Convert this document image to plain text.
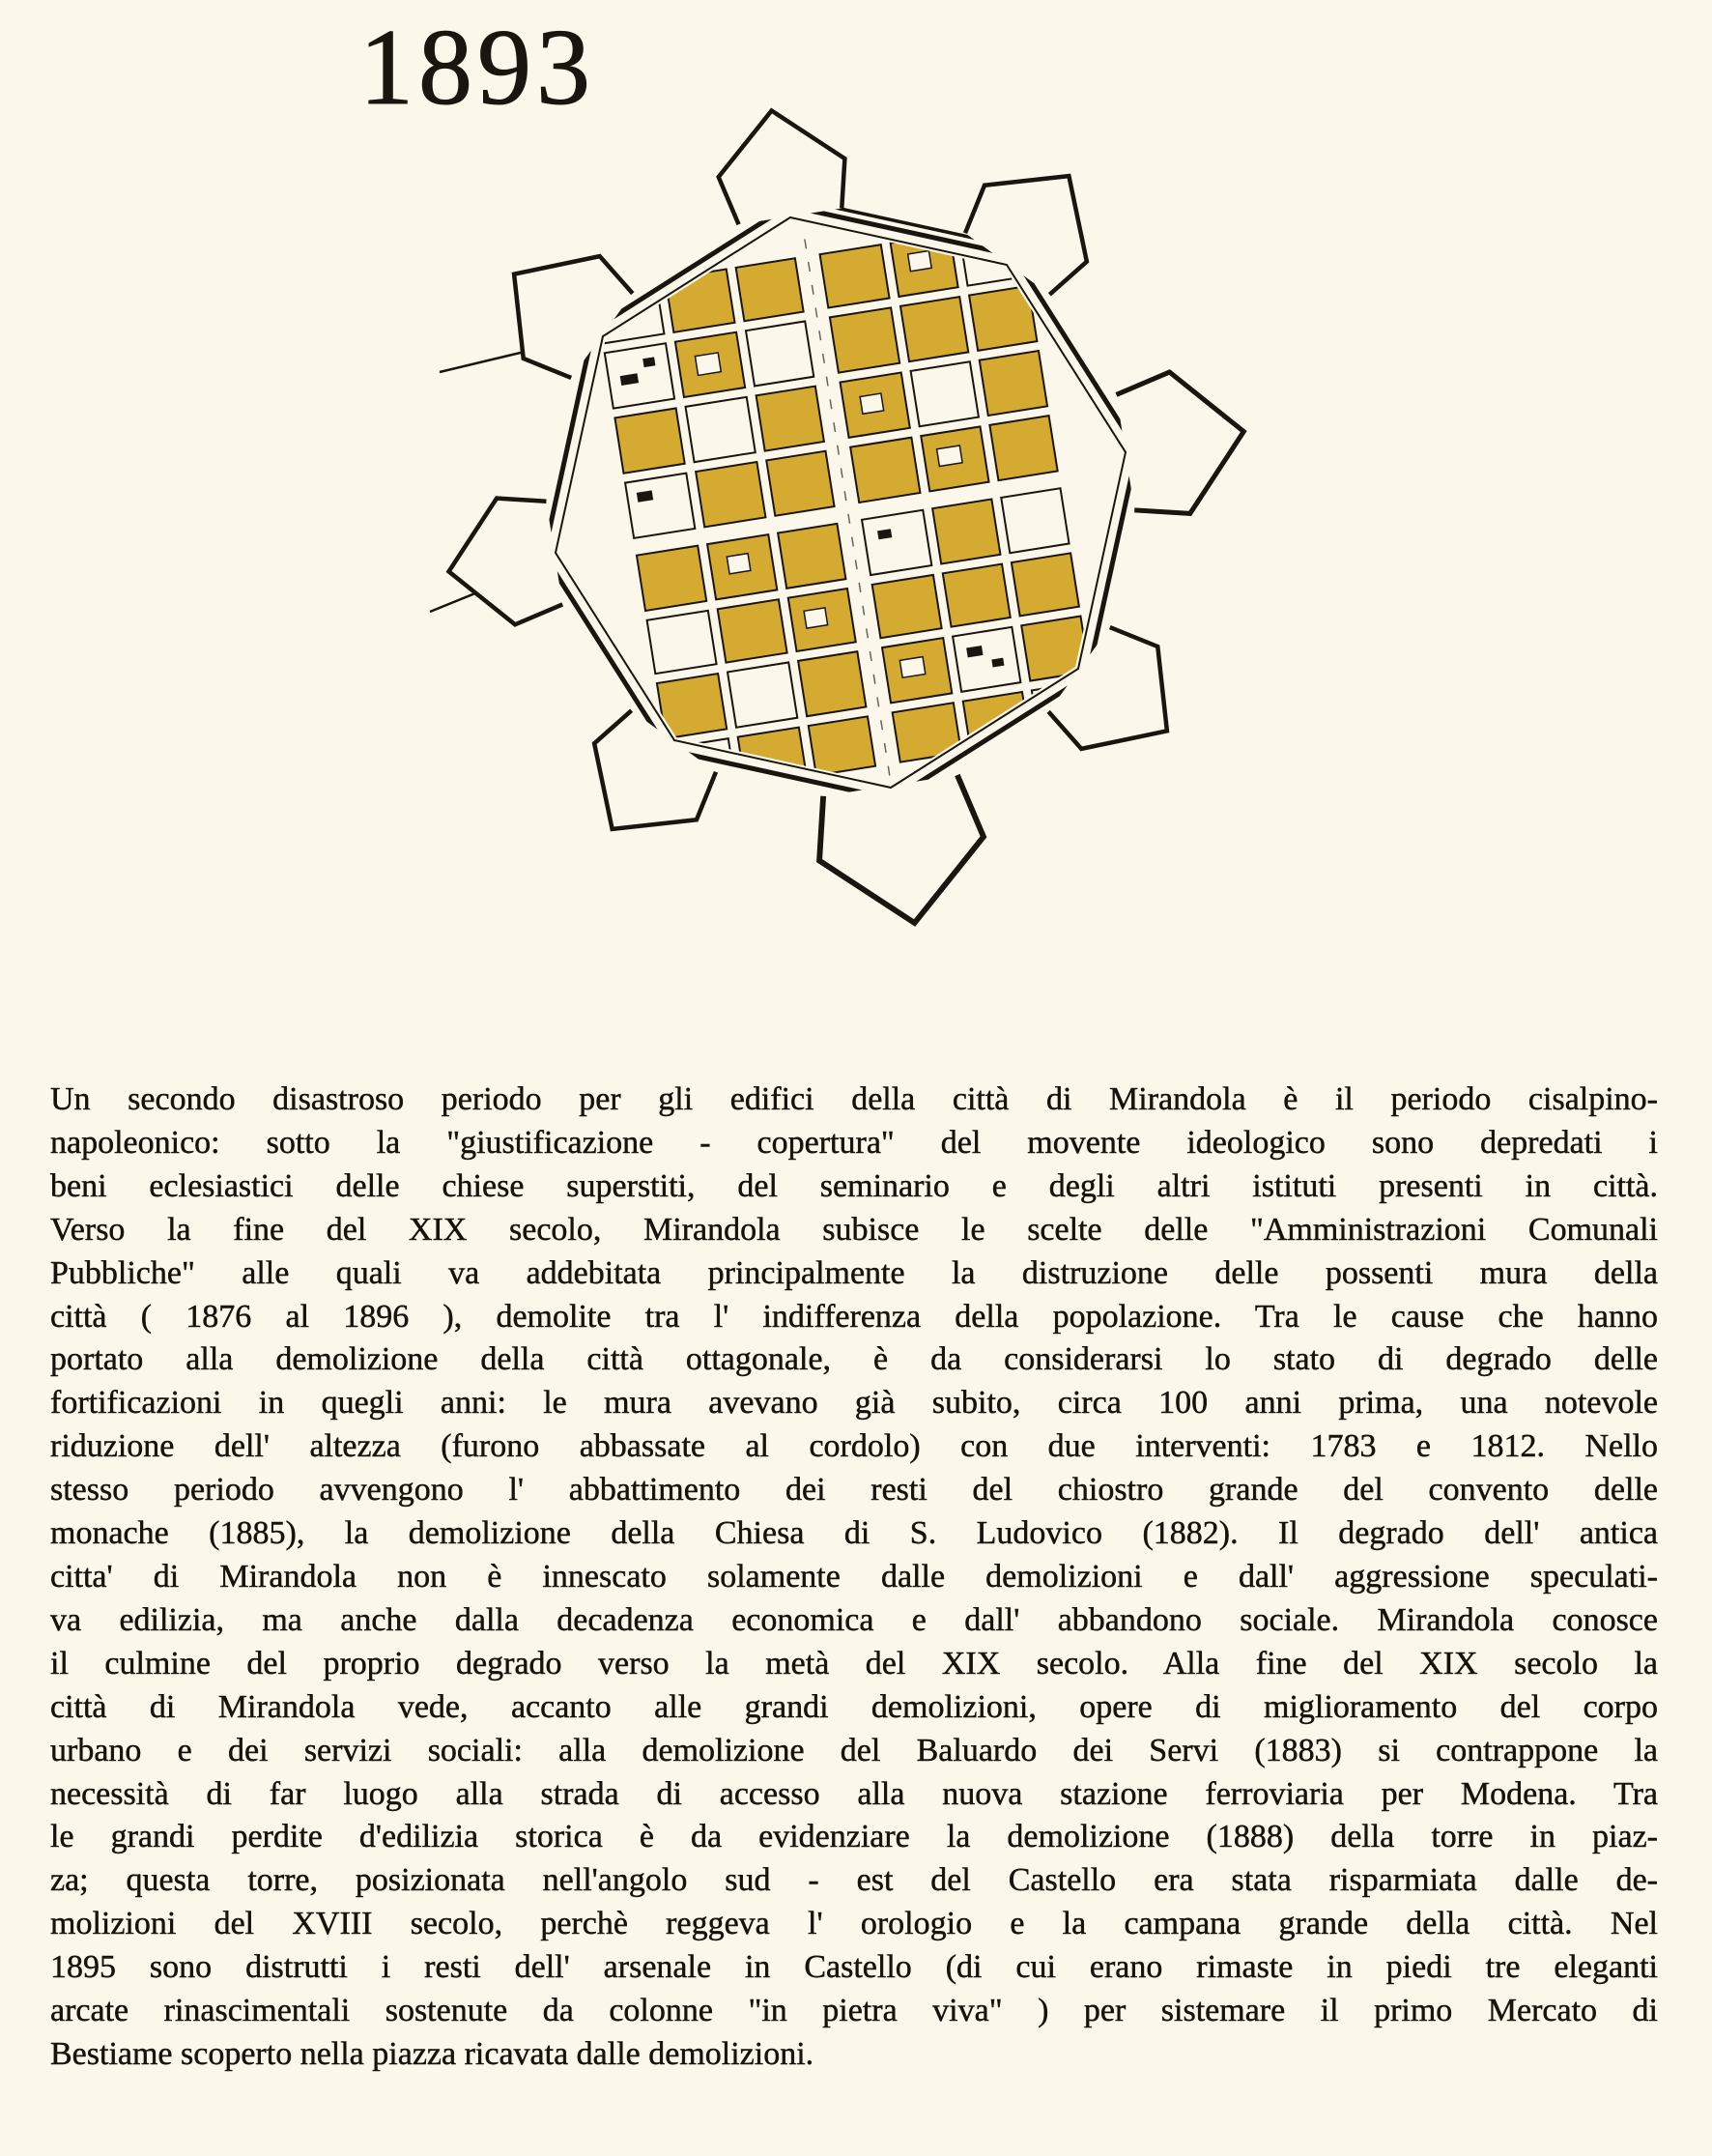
1893
Un secondo disastroso periodo per gli edifici della città di Mirandola è il periodo cisalpino-
napoleonico: sotto la "giustificazione - copertura" del movente ideologico sono depredati i
beni eclesiastici delle chiese superstiti, del seminario e degli altri istituti presenti in città.
Verso la fine del XIX secolo, Mirandola subisce le scelte delle "Amministrazioni Comunali
Pubbliche" alle quali va addebitata principalmente la distruzione delle possenti mura della
città ( 1876 al 1896 ), demolite tra l' indifferenza della popolazione. Tra le cause che hanno
portato alla demolizione della città ottagonale, è da considerarsi lo stato di degrado delle
fortificazioni in quegli anni: le mura avevano già subito, circa 100 anni prima, una notevole
riduzione dell' altezza (furono abbassate al cordolo) con due interventi: 1783 e 1812. Nello
stesso periodo avvengono l' abbattimento dei resti del chiostro grande del convento delle
monache (1885), la demolizione della Chiesa di S. Ludovico (1882). Il degrado dell' antica
citta' di Mirandola non è innescato solamente dalle demolizioni e dall' aggressione speculati-
va edilizia, ma anche dalla decadenza economica e dall' abbandono sociale. Mirandola conosce
il culmine del proprio degrado verso la metà del XIX secolo. Alla fine del XIX secolo la
città di Mirandola vede, accanto alle grandi demolizioni, opere di miglioramento del corpo
urbano e dei servizi sociali: alla demolizione del Baluardo dei Servi (1883) si contrappone la
necessità di far luogo alla strada di accesso alla nuova stazione ferroviaria per Modena. Tra
le grandi perdite d'edilizia storica è da evidenziare la demolizione (1888) della torre in piaz-
za; questa torre, posizionata nell'angolo sud - est del Castello era stata risparmiata dalle de-
molizioni del XVIII secolo, perchè reggeva l' orologio e la campana grande della città. Nel
1895 sono distrutti i resti dell' arsenale in Castello (di cui erano rimaste in piedi tre eleganti
arcate rinascimentali sostenute da colonne "in pietra viva" ) per sistemare il primo Mercato di
Bestiame scoperto nella piazza ricavata dalle demolizioni.
